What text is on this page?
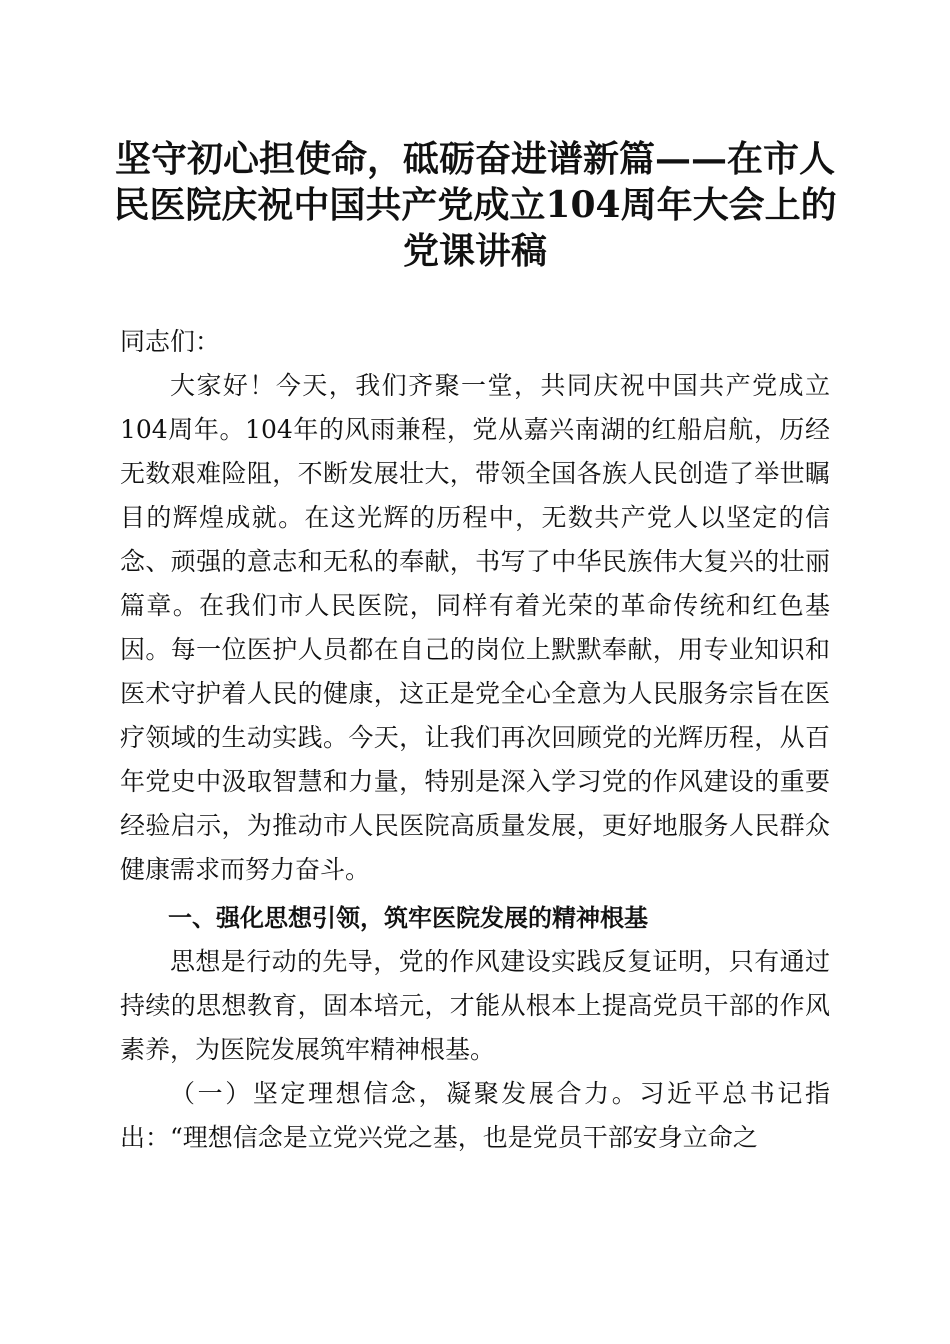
坚守初心担使命，砥砺奋进谱新篇——在市人民医院庆祝中国共产党成立104周年大会上的党课讲稿

同志们：

大家好！今天，我们齐聚一堂，共同庆祝中国共产党成立104周年。104年的风雨兼程，党从嘉兴南湖的红船启航，历经无数艰难险阻，不断发展壮大，带领全国各族人民创造了举世瞩目的辉煌成就。在这光辉的历程中，无数共产党人以坚定的信念、顽强的意志和无私的奉献，书写了中华民族伟大复兴的壮丽篇章。在我们市人民医院，同样有着光荣的革命传统和红色基因。每一位医护人员都在自己的岗位上默默奉献，用专业知识和医术守护着人民的健康，这正是党全心全意为人民服务宗旨在医疗领域的生动实践。今天，让我们再次回顾党的光辉历程，从百年党史中汲取智慧和力量，特别是深入学习党的作风建设的重要经验启示，为推动市人民医院高质量发展，更好地服务人民群众健康需求而努力奋斗。

一、强化思想引领，筑牢医院发展的精神根基

思想是行动的先导，党的作风建设实践反复证明，只有通过持续的思想教育，固本培元，才能从根本上提高党员干部的作风素养，为医院发展筑牢精神根基。

（一）坚定理想信念，凝聚发展合力。习近平总书记指出：“理想信念是立党兴党之基，也是党员干部安身立命之
